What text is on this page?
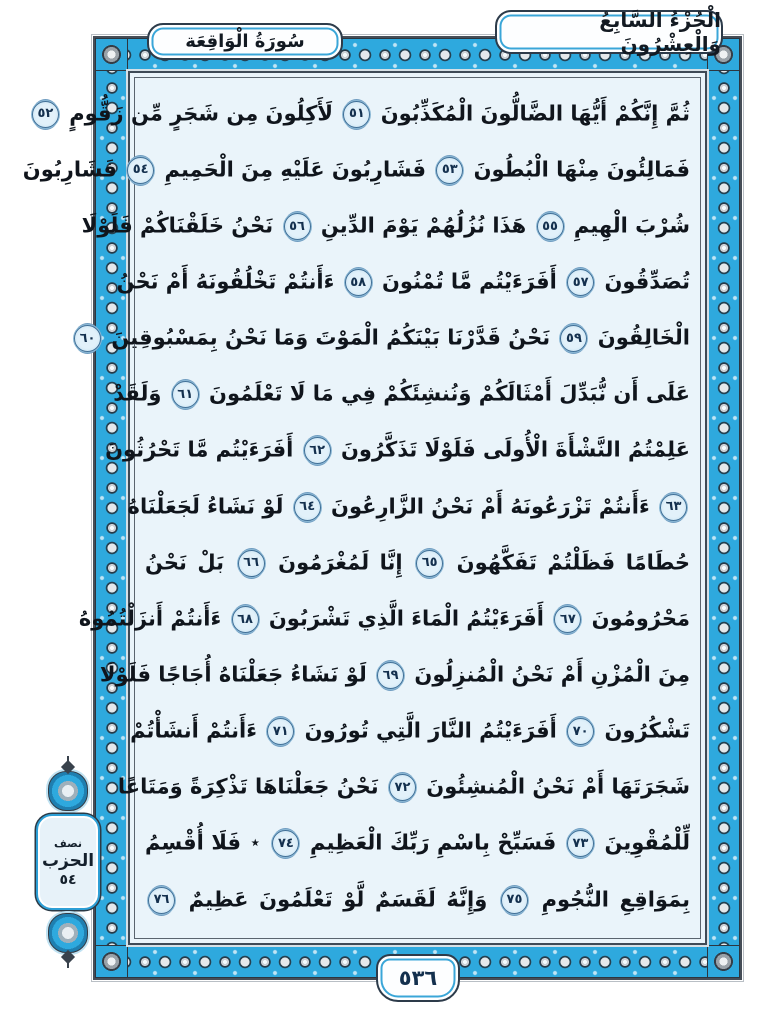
الْجُزْءُ السَّابِعُ وَالْعِشْرُونَ
سُورَةُ الْوَاقِعَة
٥٣٦
ثُمَّ إِنَّكُمْ أَيُّهَا الضَّالُّونَ الْمُكَذِّبُونَ ٥١ لَأَكِلُونَ مِن شَجَرٍ مِّن زَقُّومٍ ٥٢
فَمَالِئُونَ مِنْهَا الْبُطُونَ ٥٣ فَشَارِبُونَ عَلَيْهِ مِنَ الْحَمِيمِ ٥٤ فَشَارِبُونَ
شُرْبَ الْهِيمِ ٥٥ هَذَا نُزُلُهُمْ يَوْمَ الدِّينِ ٥٦ نَحْنُ خَلَقْنَاكُمْ فَلَوْلَا
تُصَدِّقُونَ ٥٧ أَفَرَءَيْتُم مَّا تُمْنُونَ ٥٨ ءَأَنتُمْ تَخْلُقُونَهُ أَمْ نَحْنُ
الْخَالِقُونَ ٥٩ نَحْنُ قَدَّرْنَا بَيْنَكُمُ الْمَوْتَ وَمَا نَحْنُ بِمَسْبُوقِينَ ٦٠
عَلَى أَن نُّبَدِّلَ أَمْثَالَكُمْ وَنُنشِئَكُمْ فِي مَا لَا تَعْلَمُونَ ٦١ وَلَقَدْ
عَلِمْتُمُ النَّشْأَةَ الْأُولَى فَلَوْلَا تَذَكَّرُونَ ٦٢ أَفَرَءَيْتُم مَّا تَحْرُثُونَ
٦٣ ءَأَنتُمْ تَزْرَعُونَهُ أَمْ نَحْنُ الزَّارِعُونَ ٦٤ لَوْ نَشَاءُ لَجَعَلْنَاهُ
حُطَامًا فَظَلْتُمْ تَفَكَّهُونَ ٦٥ إِنَّا لَمُغْرَمُونَ ٦٦ بَلْ نَحْنُ
مَحْرُومُونَ ٦٧ أَفَرَءَيْتُمُ الْمَاءَ الَّذِي تَشْرَبُونَ ٦٨ ءَأَنتُمْ أَنزَلْتُمُوهُ
مِنَ الْمُزْنِ أَمْ نَحْنُ الْمُنزِلُونَ ٦٩ لَوْ نَشَاءُ جَعَلْنَاهُ أُجَاجًا فَلَوْلَا
تَشْكُرُونَ ٧٠ أَفَرَءَيْتُمُ النَّارَ الَّتِي تُورُونَ ٧١ ءَأَنتُمْ أَنشَأْتُمْ
شَجَرَتَهَا أَمْ نَحْنُ الْمُنشِئُونَ ٧٢ نَحْنُ جَعَلْنَاهَا تَذْكِرَةً وَمَتَاعًا
لِّلْمُقْوِينَ ٧٣ فَسَبِّحْ بِاسْمِ رَبِّكَ الْعَظِيمِ ٧٤ ٭ فَلَا أُقْسِمُ
بِمَوَاقِعِ النُّجُومِ ٧٥ وَإِنَّهُ لَقَسَمٌ لَّوْ تَعْلَمُونَ عَظِيمٌ ٧٦
نصف
الحزب
٥٤
